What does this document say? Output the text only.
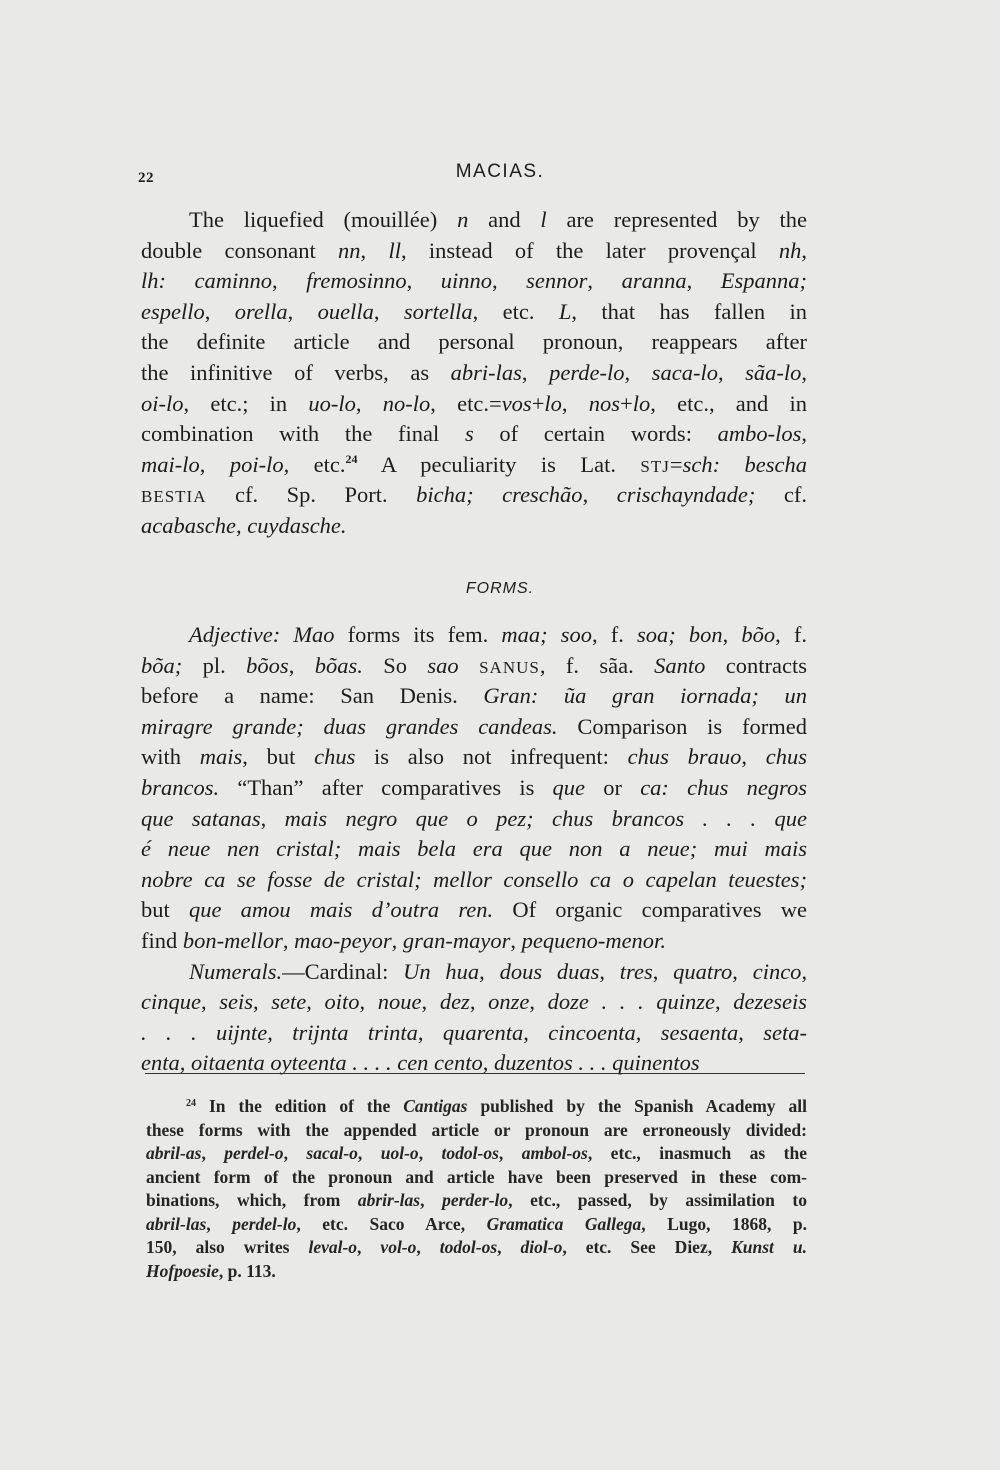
22	MACIAS.
The liquefied (mouillée) n and l are represented by the
double consonant nn, ll, instead of the later provençal nh,
lh: caminno, fremosinno, uinno, sennor, aranna, Espanna;
espello, orella, ouella, sortella, etc. L, that has fallen in
the definite article and personal pronoun, reappears after
the infinitive of verbs, as abri-las, perde-lo, saca-lo, sãa-lo,
oi-lo, etc.; in uo-lo, no-lo, etc.=vos+lo, nos+lo, etc., and in
combination with the final s of certain words: ambo-los,
mai-lo, poi-lo, etc.$^{24}$ A peculiarity is Lat. STJ=sch: bescha
BESTIA cf. Sp. Port. bicha; creschão, crischayndade; cf.
acabasche, cuydasche.
FORMS.
Adjective: Mao forms its fem. maa; soo, f. soa; bon, bõo, f.
bõa; pl. bõos, bõas. So sao SANUS, f. sãa. Santo contracts
before a name: San Denis. Gran: ũa gran iornada; un
miragre grande; duas grandes candeas. Comparison is formed
with mais, but chus is also not infrequent: chus brauo, chus
brancos. “Than” after comparatives is que or ca: chus negros
que satanas, mais negro que o pez; chus brancos . . . que
é neue nen cristal; mais bela era que non a neue; mui mais
nobre ca se fosse de cristal; mellor consello ca o capelan teuestes;
but que amou mais d’outra ren. Of organic comparatives we
find bon-mellor, mao-peyor, gran-mayor, pequeno-menor.
Numerals.—Cardinal: Un hua, dous duas, tres, quatro, cinco,
cinque, seis, sete, oito, noue, dez, onze, doze . . . quinze, dezeseis
. . . uijnte, trijnta trinta, quarenta, cincoenta, sesaenta, seta-
enta, oitaenta oyteenta . . . . cen cento, duzentos . . . quinentos
$^{24}$ In the edition of the Cantigas published by the Spanish Academy all
these forms with the appended article or pronoun are erroneously divided:
abril-as, perdel-o, sacal-o, uol-o, todol-os, ambol-os, etc., inasmuch as the
ancient form of the pronoun and article have been preserved in these com-
binations, which, from abrir-las, perder-lo, etc., passed, by assimilation to
abril-las, perdel-lo, etc. Saco Arce, Gramatica Gallega, Lugo, 1868, p.
150, also writes leval-o, vol-o, todol-os, diol-o, etc. See Diez, Kunst u.
Hofpoesie, p. 113.
